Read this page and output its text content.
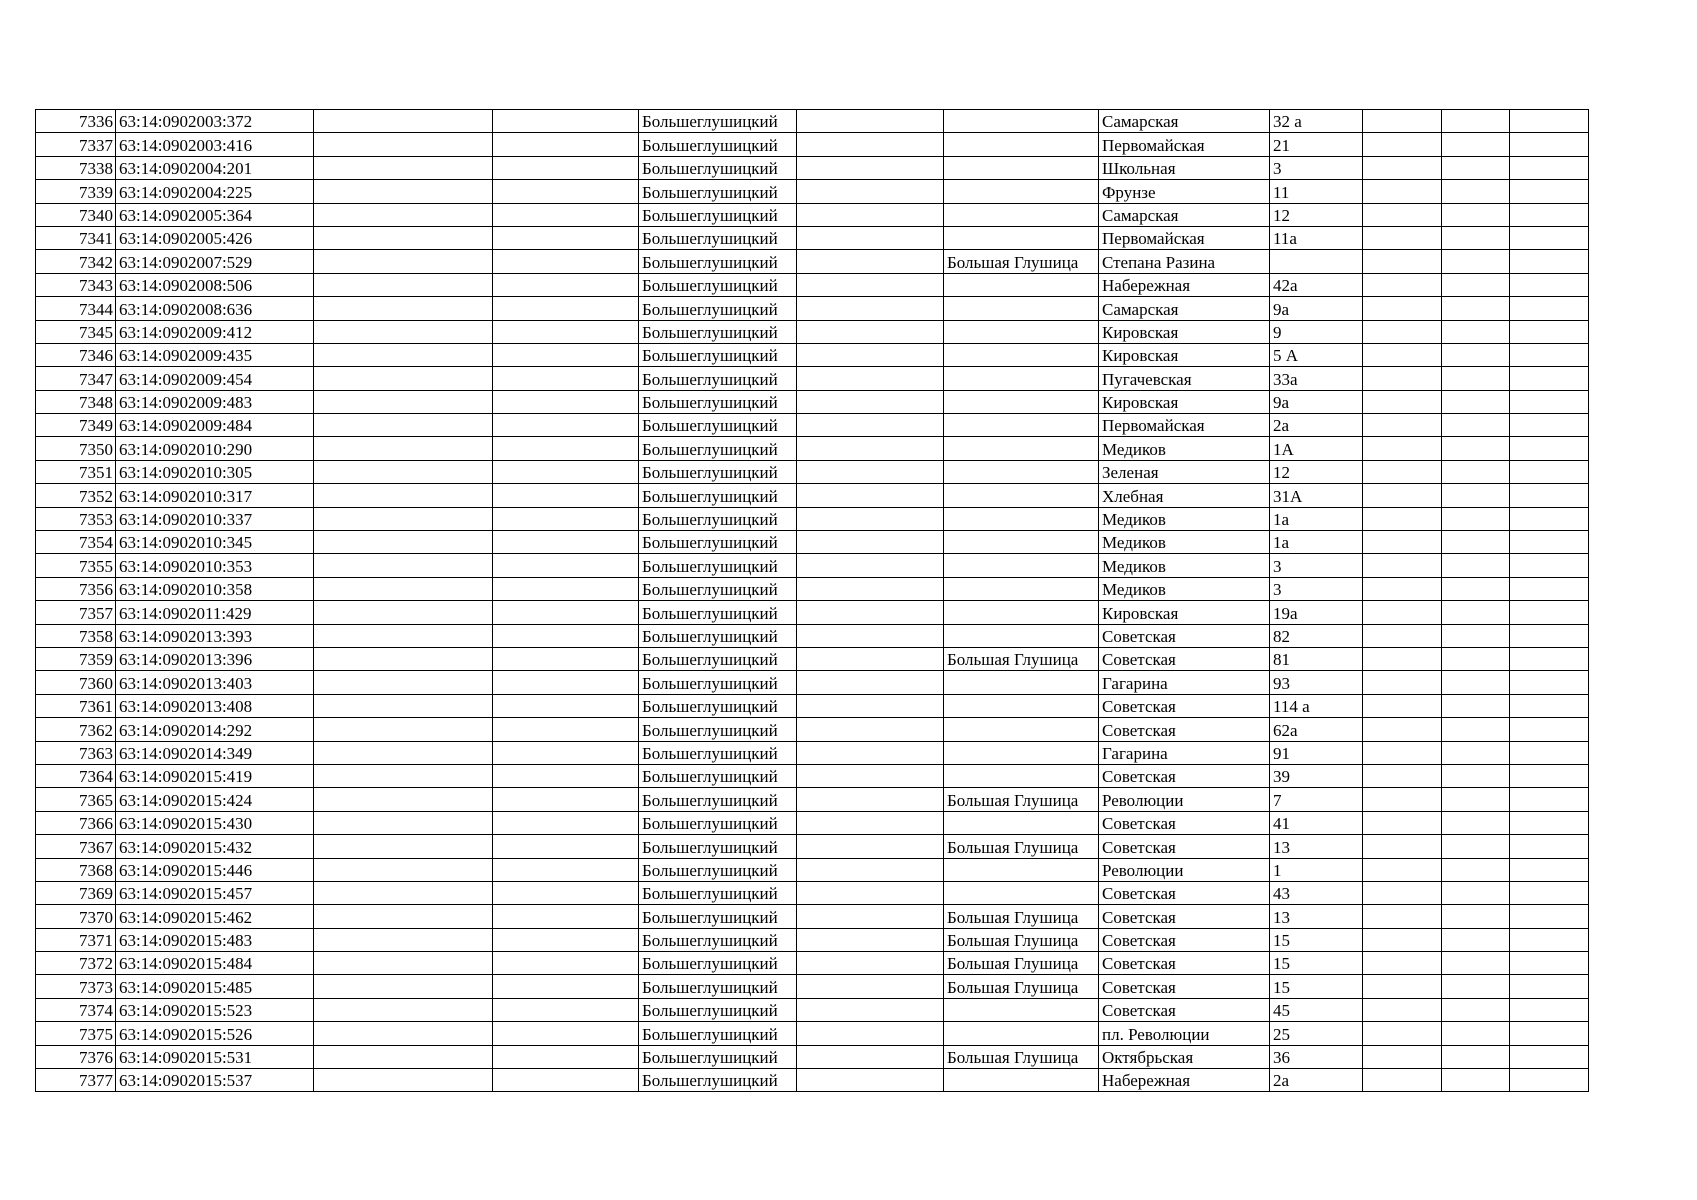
7336	63:14:0902003:372			Большеглушицкий			Самарская	32 а			
7337	63:14:0902003:416			Большеглушицкий			Первомайская	21			
7338	63:14:0902004:201			Большеглушицкий			Школьная	3			
7339	63:14:0902004:225			Большеглушицкий			Фрунзе	11			
7340	63:14:0902005:364			Большеглушицкий			Самарская	12			
7341	63:14:0902005:426			Большеглушицкий			Первомайская	11а			
7342	63:14:0902007:529			Большеглушицкий		Большая Глушица	Степана Разина				
7343	63:14:0902008:506			Большеглушицкий			Набережная	42а			
7344	63:14:0902008:636			Большеглушицкий			Самарская	9а			
7345	63:14:0902009:412			Большеглушицкий			Кировская	9			
7346	63:14:0902009:435			Большеглушицкий			Кировская	5 А			
7347	63:14:0902009:454			Большеглушицкий			Пугачевская	33а			
7348	63:14:0902009:483			Большеглушицкий			Кировская	9а			
7349	63:14:0902009:484			Большеглушицкий			Первомайская	2а			
7350	63:14:0902010:290			Большеглушицкий			Медиков	1А			
7351	63:14:0902010:305			Большеглушицкий			Зеленая	12			
7352	63:14:0902010:317			Большеглушицкий			Хлебная	31А			
7353	63:14:0902010:337			Большеглушицкий			Медиков	1а			
7354	63:14:0902010:345			Большеглушицкий			Медиков	1а			
7355	63:14:0902010:353			Большеглушицкий			Медиков	3			
7356	63:14:0902010:358			Большеглушицкий			Медиков	3			
7357	63:14:0902011:429			Большеглушицкий			Кировская	19а			
7358	63:14:0902013:393			Большеглушицкий			Советская	82			
7359	63:14:0902013:396			Большеглушицкий		Большая Глушица	Советская	81			
7360	63:14:0902013:403			Большеглушицкий			Гагарина	93			
7361	63:14:0902013:408			Большеглушицкий			Советская	114 а			
7362	63:14:0902014:292			Большеглушицкий			Советская	62а			
7363	63:14:0902014:349			Большеглушицкий			Гагарина	91			
7364	63:14:0902015:419			Большеглушицкий			Советская	39			
7365	63:14:0902015:424			Большеглушицкий		Большая Глушица	Революции	7			
7366	63:14:0902015:430			Большеглушицкий			Советская	41			
7367	63:14:0902015:432			Большеглушицкий		Большая Глушица	Советская	13			
7368	63:14:0902015:446			Большеглушицкий			Революции	1			
7369	63:14:0902015:457			Большеглушицкий			Советская	43			
7370	63:14:0902015:462			Большеглушицкий		Большая Глушица	Советская	13			
7371	63:14:0902015:483			Большеглушицкий		Большая Глушица	Советская	15			
7372	63:14:0902015:484			Большеглушицкий		Большая Глушица	Советская	15			
7373	63:14:0902015:485			Большеглушицкий		Большая Глушица	Советская	15			
7374	63:14:0902015:523			Большеглушицкий			Советская	45			
7375	63:14:0902015:526			Большеглушицкий			пл. Революции	25			
7376	63:14:0902015:531			Большеглушицкий		Большая Глушица	Октябрьская	36			
7377	63:14:0902015:537			Большеглушицкий			Набережная	2а			
